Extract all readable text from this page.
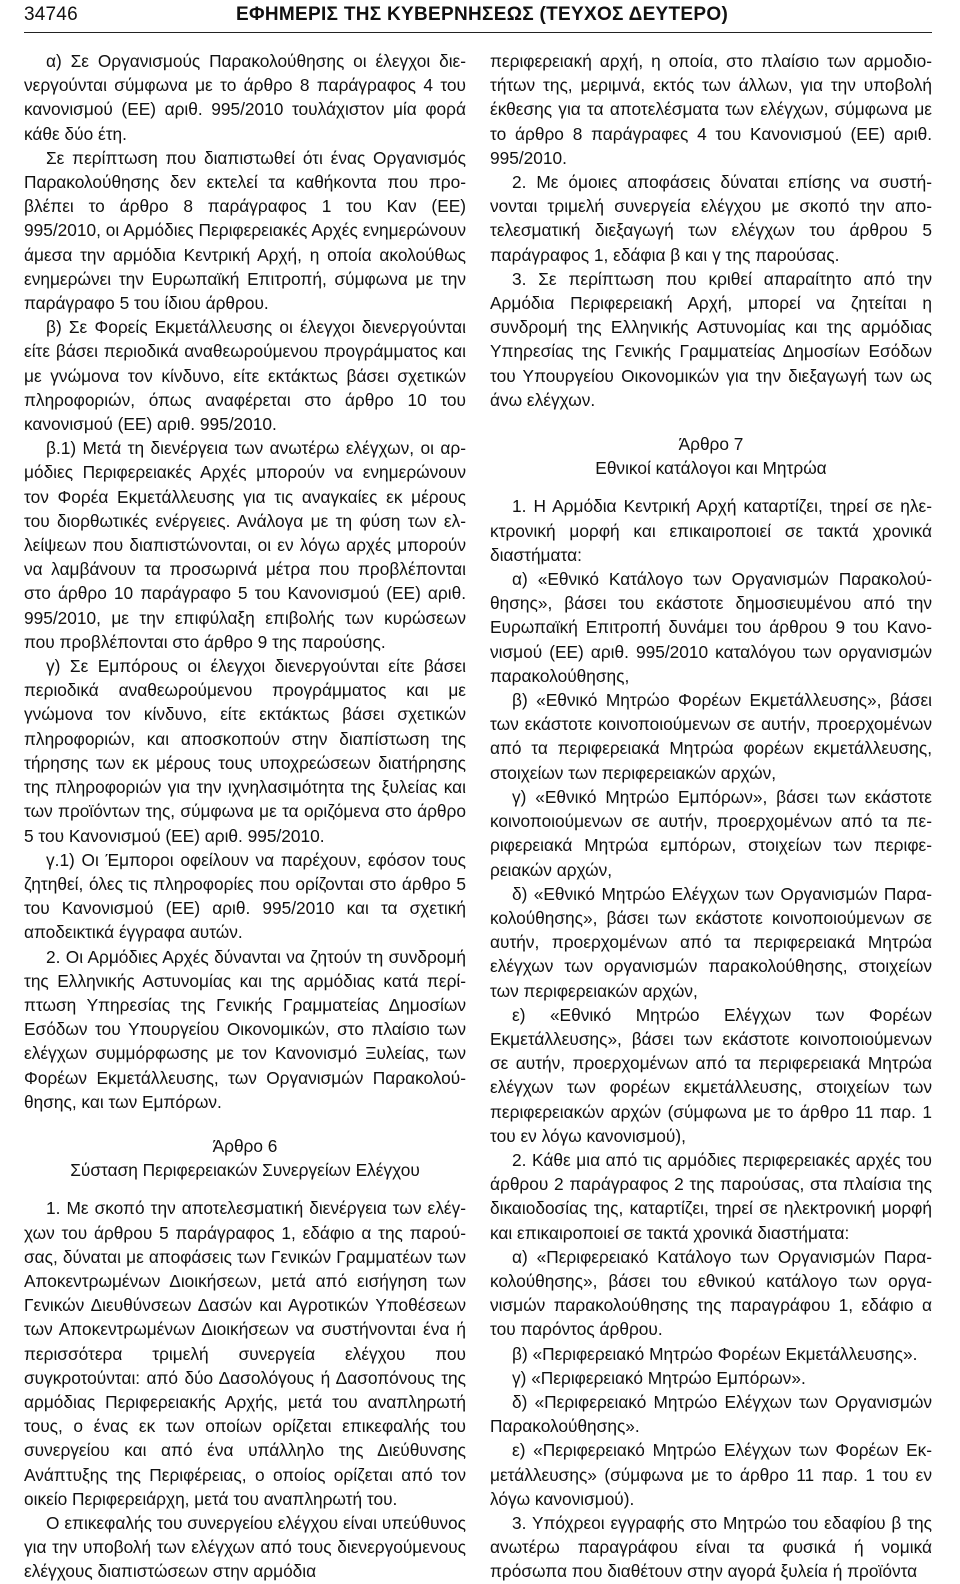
34746	ΕΦΗΜΕΡΙΣ ΤΗΣ ΚΥΒΕΡΝΗΣΕΩΣ (ΤΕΥΧΟΣ ΔΕΥΤΕΡΟ)

α) Σε Οργανισμούς Παρακολούθησης οι έλεγχοι διενεργούνται σύμφωνα με το άρθρο 8 παράγραφος 4 του κανονισμού (ΕΕ) αριθ. 995/2010 τουλάχιστον μία φορά κάθε δύο έτη.

Σε περίπτωση που διαπιστωθεί ότι ένας Οργανισμός Παρακολούθησης δεν εκτελεί τα καθήκοντα που προβλέπει το άρθρο 8 παράγραφος 1 του Καν (ΕΕ) 995/2010, οι Αρμόδιες Περιφερειακές Αρχές ενημερώνουν άμεσα την αρμόδια Κεντρική Αρχή, η οποία ακολούθως ενημερώνει την Ευρωπαϊκή Επιτροπή, σύμφωνα με την παράγραφο 5 του ίδιου άρθρου.

β) Σε Φορείς Εκμετάλλευσης οι έλεγχοι διενεργούνται είτε βάσει περιοδικά αναθεωρούμενου προγράμματος και με γνώμονα τον κίνδυνο, είτε εκτάκτως βάσει σχετικών πληροφοριών, όπως αναφέρεται στο άρθρο 10 του κανονισμού (ΕΕ) αριθ. 995/2010.

β.1) Μετά τη διενέργεια των ανωτέρω ελέγχων, οι αρμόδιες Περιφερειακές Αρχές μπορούν να ενημερώνουν τον Φορέα Εκμετάλλευσης για τις αναγκαίες εκ μέρους του διορθωτικές ενέργειες. Ανάλογα με τη φύση των ελλείψεων που διαπιστώνονται, οι εν λόγω αρχές μπορούν να λαμβάνουν τα προσωρινά μέτρα που προβλέπονται στο άρθρο 10 παράγραφο 5 του Κανονισμού (ΕΕ) αριθ. 995/2010, με την επιφύλαξη επιβολής των κυρώσεων που προβλέπονται στο άρθρο 9 της παρούσης.

γ) Σε Εμπόρους οι έλεγχοι διενεργούνται είτε βάσει περιοδικά αναθεωρούμενου προγράμματος και με γνώμονα τον κίνδυνο, είτε εκτάκτως βάσει σχετικών πληροφοριών, και αποσκοπούν στην διαπίστωση της τήρησης των εκ μέρους τους υποχρεώσεων διατήρησης της πληροφοριών για την ιχνηλασιμότητα της ξυλείας και των προϊόντων της, σύμφωνα με τα οριζόμενα στο άρθρο 5 του Κανονισμού (ΕΕ) αριθ. 995/2010.

γ.1) Οι Έμποροι οφείλουν να παρέχουν, εφόσον τους ζητηθεί, όλες τις πληροφορίες που ορίζονται στο άρθρο 5 του Κανονισμού (ΕΕ) αριθ. 995/2010 και τα σχετική αποδεικτικά έγγραφα αυτών.

2. Οι Αρμόδιες Αρχές δύνανται να ζητούν τη συνδρομή της Ελληνικής Αστυνομίας και της αρμόδιας κατά περίπτωση Υπηρεσίας της Γενικής Γραμματείας Δημοσίων Εσόδων του Υπουργείου Οικονομικών, στο πλαίσιο των ελέγχων συμμόρφωσης με τον Κανονισμό Ξυλείας, των Φορέων Εκμετάλλευσης, των Οργανισμών Παρακολούθησης, και των Εμπόρων.

Άρθρο 6

Σύσταση Περιφερειακών Συνεργείων Ελέγχου

1. Με σκοπό την αποτελεσματική διενέργεια των ελέγχων του άρθρου 5 παράγραφος 1, εδάφιο α της παρούσας, δύναται με αποφάσεις των Γενικών Γραμματέων των Αποκεντρωμένων Διοικήσεων, μετά από εισήγηση των Γενικών Διευθύνσεων Δασών και Αγροτικών Υποθέσεων των Αποκεντρωμένων Διοικήσεων να συστήνονται ένα ή περισσότερα τριμελή συνεργεία ελέγχου που συγκροτούνται: από δύο Δασολόγους ή Δασοπόνους της αρμόδιας Περιφερειακής Αρχής, μετά του αναπληρωτή τους, ο ένας εκ των οποίων ορίζεται επικεφαλής του συνεργείου και από ένα υπάλληλο της Διεύθυνσης Ανάπτυξης της Περιφέρειας, ο οποίος ορίζεται από τον οικείο Περιφερειάρχη, μετά του αναπληρωτή του.

Ο επικεφαλής του συνεργείου ελέγχου είναι υπεύθυνος για την υποβολή των ελέγχων από τους διενεργούμενους ελέγχους διαπιστώσεων στην αρμόδια

περιφερειακή αρχή, η οποία, στο πλαίσιο των αρμοδιοτήτων της, μεριμνά, εκτός των άλλων, για την υποβολή έκθεσης για τα αποτελέσματα των ελέγχων, σύμφωνα με το άρθρο 8 παράγραφες 4 του Κανονισμού (ΕΕ) αριθ. 995/2010.

2. Με όμοιες αποφάσεις δύναται επίσης να συστήνονται τριμελή συνεργεία ελέγχου με σκοπό την αποτελεσματική διεξαγωγή των ελέγχων του άρθρου 5 παράγραφος 1, εδάφια β και γ της παρούσας.

3. Σε περίπτωση που κριθεί απαραίτητο από την Αρμόδια Περιφερειακή Αρχή, μπορεί να ζητείται η συνδρομή της Ελληνικής Αστυνομίας και της αρμόδιας Υπηρεσίας της Γενικής Γραμματείας Δημοσίων Εσόδων του Υπουργείου Οικονομικών για την διεξαγωγή των ως άνω ελέγχων.

Άρθρο 7

Εθνικοί κατάλογοι και Μητρώα

1. Η Αρμόδια Κεντρική Αρχή καταρτίζει, τηρεί σε ηλεκτρονική μορφή και επικαιροποιεί σε τακτά χρονικά διαστήματα:

α) «Εθνικό Κατάλογο των Οργανισμών Παρακολούθησης», βάσει του εκάστοτε δημοσιευμένου από την Ευρωπαϊκή Επιτροπή δυνάμει του άρθρου 9 του Κανονισμού (ΕΕ) αριθ. 995/2010 καταλόγου των οργανισμών παρακολούθησης,

β) «Εθνικό Μητρώο Φορέων Εκμετάλλευσης», βάσει των εκάστοτε κοινοποιούμενων σε αυτήν, προερχομένων από τα περιφερειακά Μητρώα φορέων εκμετάλλευσης, στοιχείων των περιφερειακών αρχών,

γ) «Εθνικό Μητρώο Εμπόρων», βάσει των εκάστοτε κοινοποιούμενων σε αυτήν, προερχομένων από τα περιφερειακά Μητρώα εμπόρων, στοιχείων των περιφερειακών αρχών,

δ) «Εθνικό Μητρώο Ελέγχων των Οργανισμών Παρακολούθησης», βάσει των εκάστοτε κοινοποιούμενων σε αυτήν, προερχομένων από τα περιφερειακά Μητρώα ελέγχων των οργανισμών παρακολούθησης, στοιχείων των περιφερειακών αρχών,

ε) «Εθνικό Μητρώο Ελέγχων των Φορέων Εκμετάλλευσης», βάσει των εκάστοτε κοινοποιούμενων σε αυτήν, προερχομένων από τα περιφερειακά Μητρώα ελέγχων των φορέων εκμετάλλευσης, στοιχείων των περιφερειακών αρχών (σύμφωνα με το άρθρο 11 παρ. 1 του εν λόγω κανονισμού),

2. Κάθε μια από τις αρμόδιες περιφερειακές αρχές του άρθρου 2 παράγραφος 2 της παρούσας, στα πλαίσια της δικαιοδοσίας της, καταρτίζει, τηρεί σε ηλεκτρονική μορφή και επικαιροποιεί σε τακτά χρονικά διαστήματα:

α) «Περιφερειακό Κατάλογο των Οργανισμών Παρακολούθησης», βάσει του εθνικού κατάλογο των οργανισμών παρακολούθησης της παραγράφου 1, εδάφιο α του παρόντος άρθρου.

β) «Περιφερειακό Μητρώο Φορέων Εκμετάλλευσης».

γ) «Περιφερειακό Μητρώο Εμπόρων».

δ) «Περιφερειακό Μητρώο Ελέγχων των Οργανισμών Παρακολούθησης».

ε) «Περιφερειακό Μητρώο Ελέγχων των Φορέων Εκμετάλλευσης» (σύμφωνα με το άρθρο 11 παρ. 1 του εν λόγω κανονισμού).

3. Υπόχρεοι εγγραφής στο Μητρώο του εδαφίου β της ανωτέρω παραγράφου είναι τα φυσικά ή νομικά πρόσωπα που διαθέτουν στην αγορά ξυλεία ή προϊόντα
